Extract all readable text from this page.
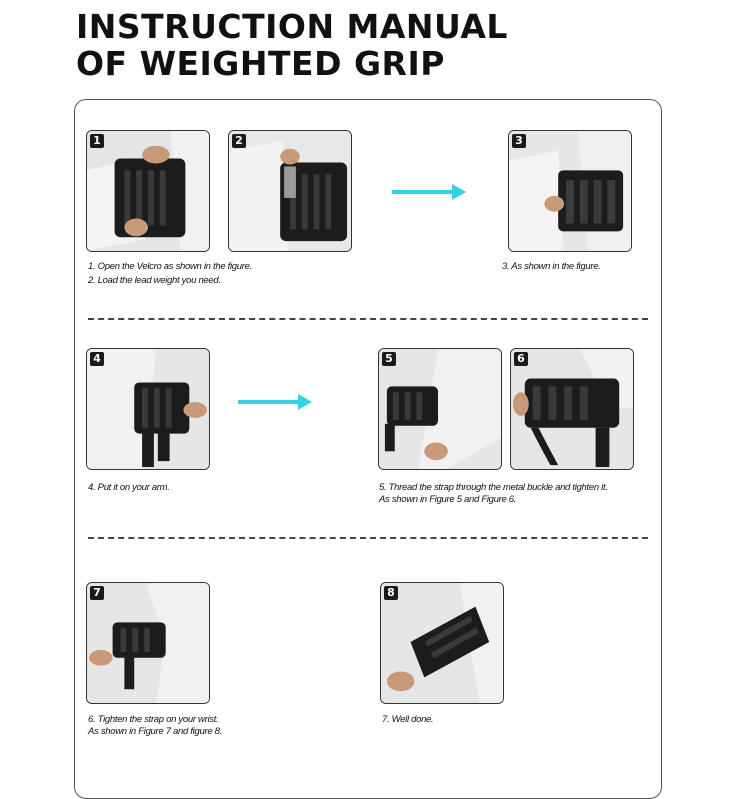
INSTRUCTION MANUAL
OF WEIGHTED GRIP
1	2	3
1. Open the Velcro as shown in the figure.
2. Load the lead weight you need.
3. As shown in the figure.
4	5	6
4. Put it on your arm.	5. Thread the strap through the metal buckle and tighten it.
As shown in Figure 5 and Figure 6.
7	8
6. Tighten the strap on your wrist.
As shown in Figure 7 and figure 8.
7. Well done.
